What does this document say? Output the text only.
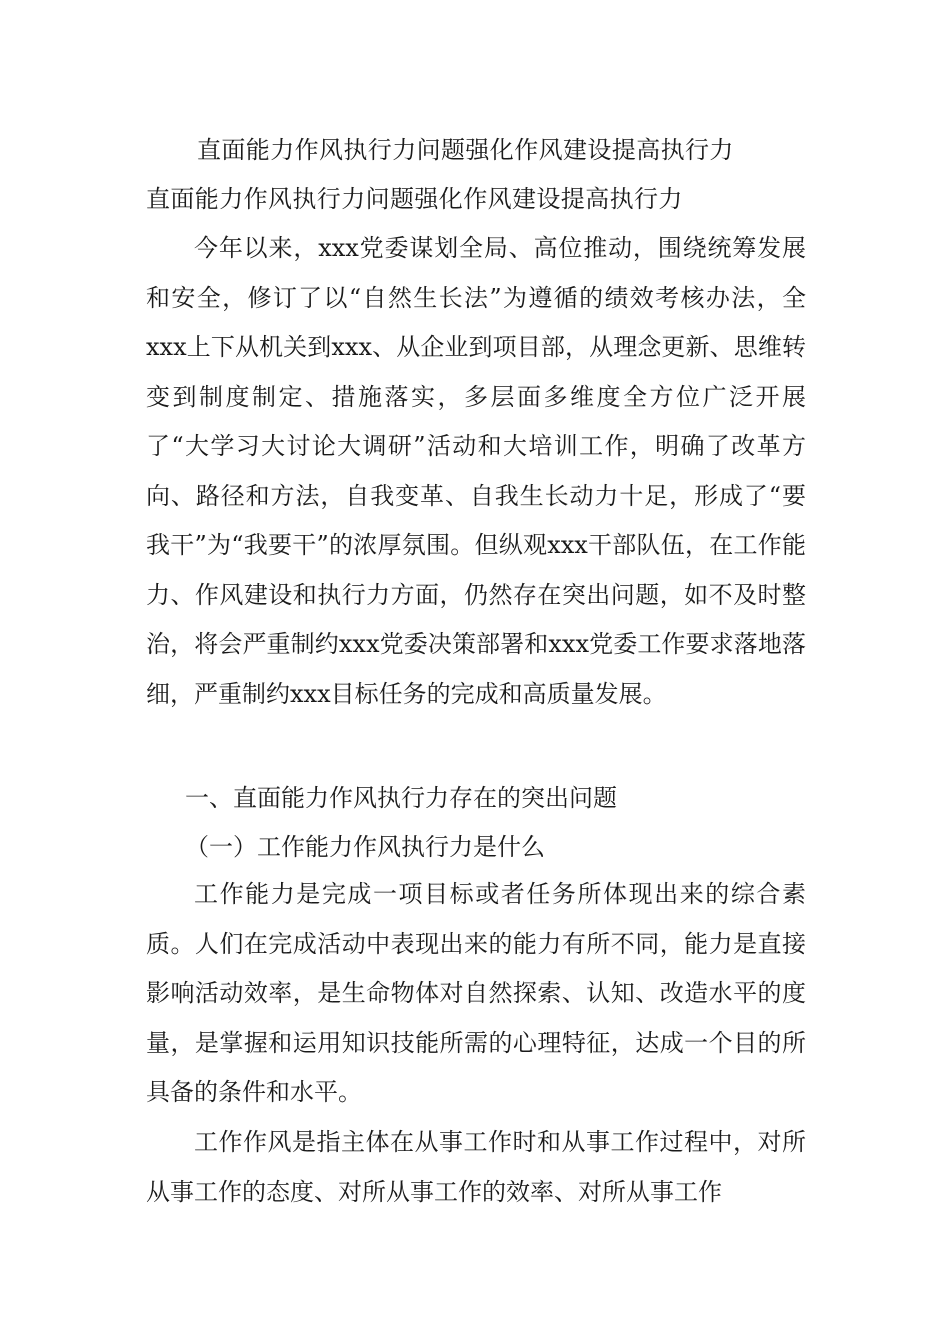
直面能力作风执行力问题强化作风建设提高执行力
直面能力作风执行力问题强化作风建设提高执行力

今年以来，xxx党委谋划全局、高位推动，围绕统筹发展和安全，修订了以“自然生长法”为遵循的绩效考核办法，全xxx上下从机关到xxx、从企业到项目部，从理念更新、思维转变到制度制定、措施落实，多层面多维度全方位广泛开展了“大学习大讨论大调研”活动和大培训工作，明确了改革方向、路径和方法，自我变革、自我生长动力十足，形成了“要我干”为“我要干”的浓厚氛围。但纵观xxx干部队伍，在工作能力、作风建设和执行力方面，仍然存在突出问题，如不及时整治，将会严重制约xxx党委决策部署和xxx党委工作要求落地落细，严重制约xxx目标任务的完成和高质量发展。

一、直面能力作风执行力存在的突出问题
（一）工作能力作风执行力是什么

工作能力是完成一项目标或者任务所体现出来的综合素质。人们在完成活动中表现出来的能力有所不同，能力是直接影响活动效率，是生命物体对自然探索、认知、改造水平的度量，是掌握和运用知识技能所需的心理特征，达成一个目的所具备的条件和水平。

工作作风是指主体在从事工作时和从事工作过程中，对所从事工作的态度、对所从事工作的效率、对所从事工作
